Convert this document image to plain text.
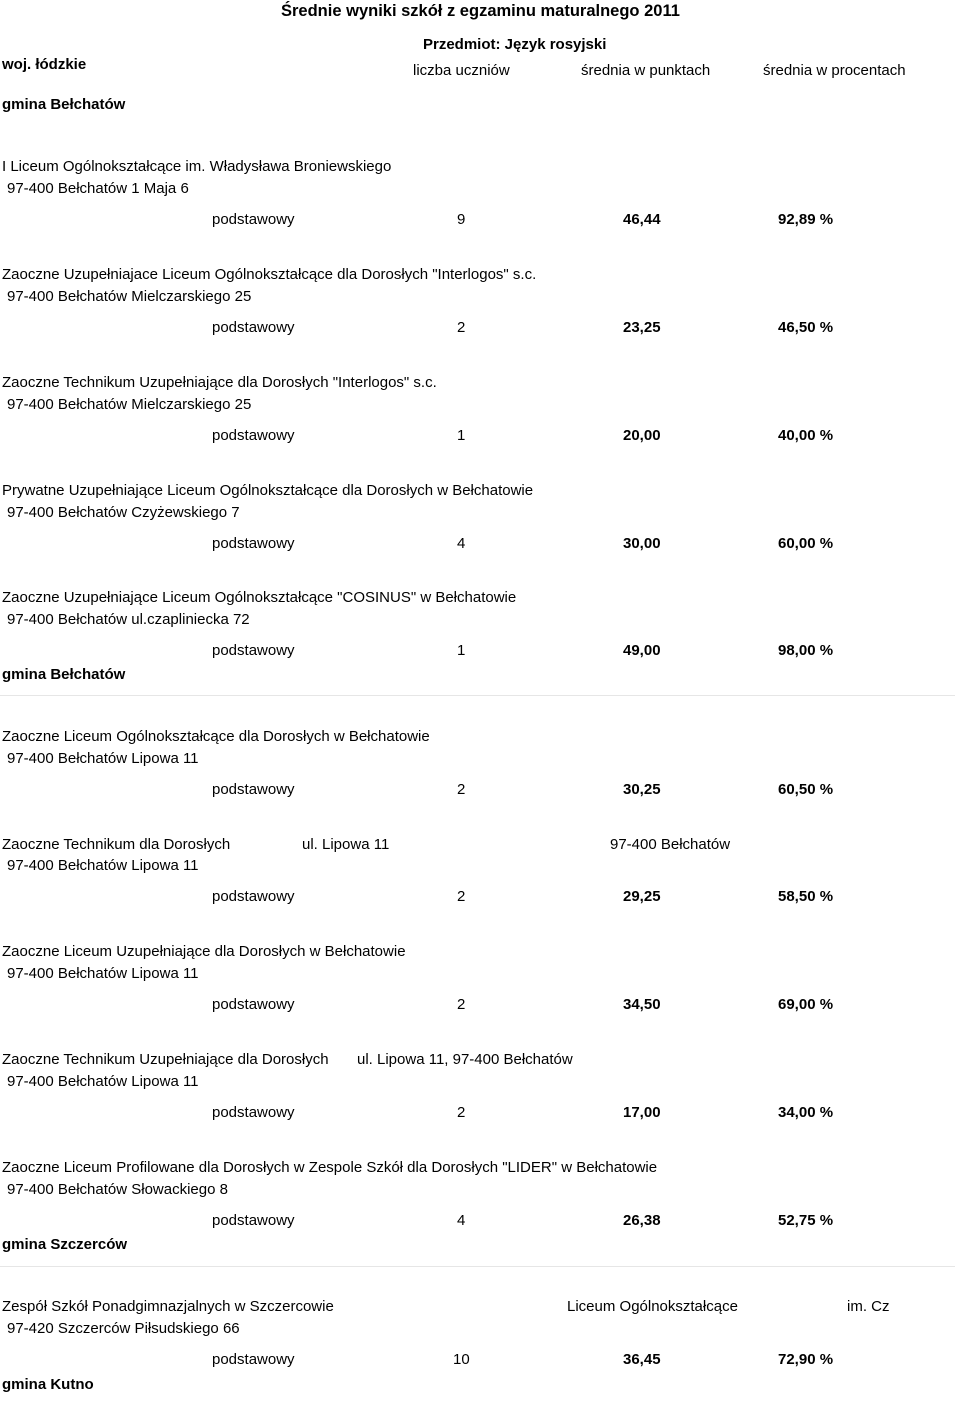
Średnie wyniki szkół z egzaminu maturalnego 2011
Przedmiot: Język rosyjski
woj. łódzkie	liczba uczniów	średnia w punktach	średnia w procentach
gmina Bełchatów
I Liceum Ogólnokształcące im. Władysława Broniewskiego
97-400 Bełchatów 1 Maja 6
podstawowy	9	46,44	92,89 %
Zaoczne Uzupełniajace Liceum Ogólnokształcące dla Dorosłych "Interlogos" s.c.
97-400 Bełchatów Mielczarskiego 25
podstawowy	2	23,25	46,50 %
Zaoczne Technikum Uzupełniające dla Dorosłych "Interlogos" s.c.
97-400 Bełchatów Mielczarskiego 25
podstawowy	1	20,00	40,00 %
Prywatne Uzupełniające Liceum Ogólnokształcące dla Dorosłych w Bełchatowie
97-400 Bełchatów Czyżewskiego 7
podstawowy	4	30,00	60,00 %
Zaoczne Uzupełniające Liceum Ogólnokształcące "COSINUS" w Bełchatowie
97-400 Bełchatów ul.czapliniecka 72
podstawowy	1	49,00	98,00 %
gmina Bełchatów
Zaoczne Liceum Ogólnokształcące dla Dorosłych w Bełchatowie
97-400 Bełchatów Lipowa 11
podstawowy	2	30,25	60,50 %
Zaoczne Technikum dla Dorosłych	ul. Lipowa 11	97-400 Bełchatów
97-400 Bełchatów Lipowa 11
podstawowy	2	29,25	58,50 %
Zaoczne Liceum Uzupełniające dla Dorosłych w Bełchatowie
97-400 Bełchatów Lipowa 11
podstawowy	2	34,50	69,00 %
Zaoczne Technikum Uzupełniające dla Dorosłych ul. Lipowa 11, 97-400 Bełchatów
97-400 Bełchatów Lipowa 11
podstawowy	2	17,00	34,00 %
Zaoczne Liceum Profilowane dla Dorosłych w Zespole Szkół dla Dorosłych "LIDER" w Bełchatowie
97-400 Bełchatów Słowackiego 8
podstawowy	4	26,38	52,75 %
gmina Szczerców
Zespół Szkół Ponadgimnazjalnych w Szczercowie	Liceum Ogólnokształcące	im. Cz
97-420 Szczerców Piłsudskiego 66
podstawowy	10	36,45	72,90 %
gmina Kutno
